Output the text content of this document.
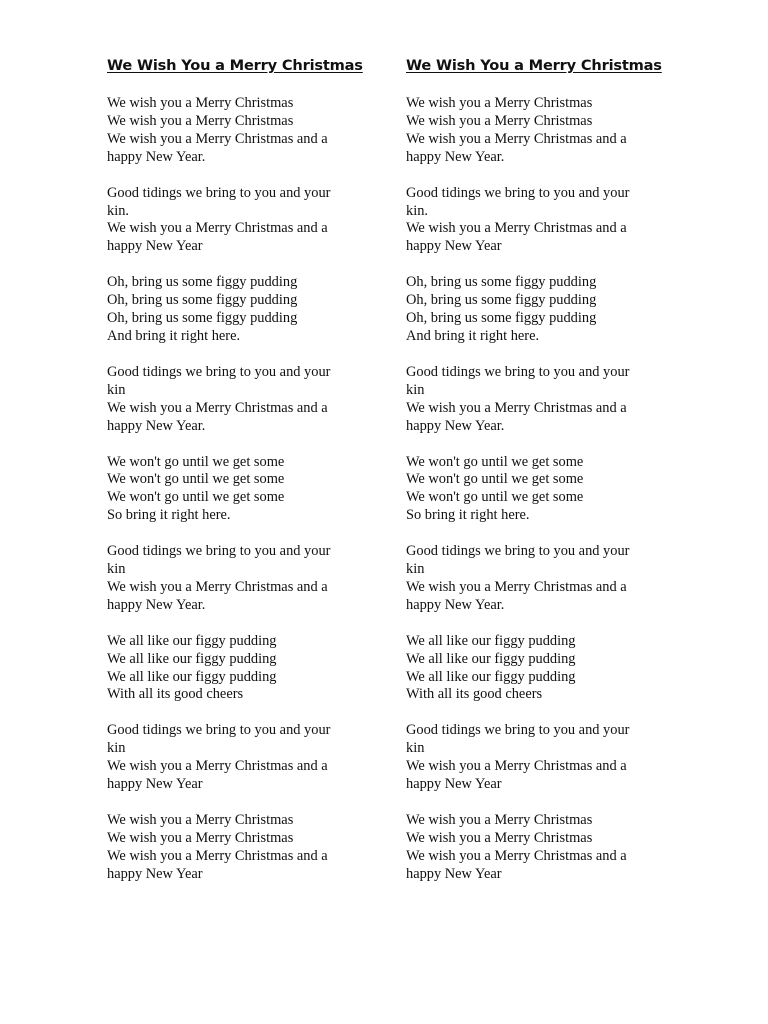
We Wish You a Merry Christmas
We wish you a Merry Christmas
We wish you a Merry Christmas
We wish you a Merry Christmas and a
happy New Year.
Good tidings we bring to you and your
kin.
We wish you a Merry Christmas and a
happy New Year
Oh, bring us some figgy pudding
Oh, bring us some figgy pudding
Oh, bring us some figgy pudding
And bring it right here.
Good tidings we bring to you and your
kin
We wish you a Merry Christmas and a
happy New Year.
We won't go until we get some
We won't go until we get some
We won't go until we get some
So bring it right here.
Good tidings we bring to you and your
kin
We wish you a Merry Christmas and a
happy New Year.
We all like our figgy pudding
We all like our figgy pudding
We all like our figgy pudding
With all its good cheers
Good tidings we bring to you and your
kin
We wish you a Merry Christmas and a
happy New Year
We wish you a Merry Christmas
We wish you a Merry Christmas
We wish you a Merry Christmas and a
happy New Year
We Wish You a Merry Christmas
We wish you a Merry Christmas
We wish you a Merry Christmas
We wish you a Merry Christmas and a
happy New Year.
Good tidings we bring to you and your
kin.
We wish you a Merry Christmas and a
happy New Year
Oh, bring us some figgy pudding
Oh, bring us some figgy pudding
Oh, bring us some figgy pudding
And bring it right here.
Good tidings we bring to you and your
kin
We wish you a Merry Christmas and a
happy New Year.
We won't go until we get some
We won't go until we get some
We won't go until we get some
So bring it right here.
Good tidings we bring to you and your
kin
We wish you a Merry Christmas and a
happy New Year.
We all like our figgy pudding
We all like our figgy pudding
We all like our figgy pudding
With all its good cheers
Good tidings we bring to you and your
kin
We wish you a Merry Christmas and a
happy New Year
We wish you a Merry Christmas
We wish you a Merry Christmas
We wish you a Merry Christmas and a
happy New Year
